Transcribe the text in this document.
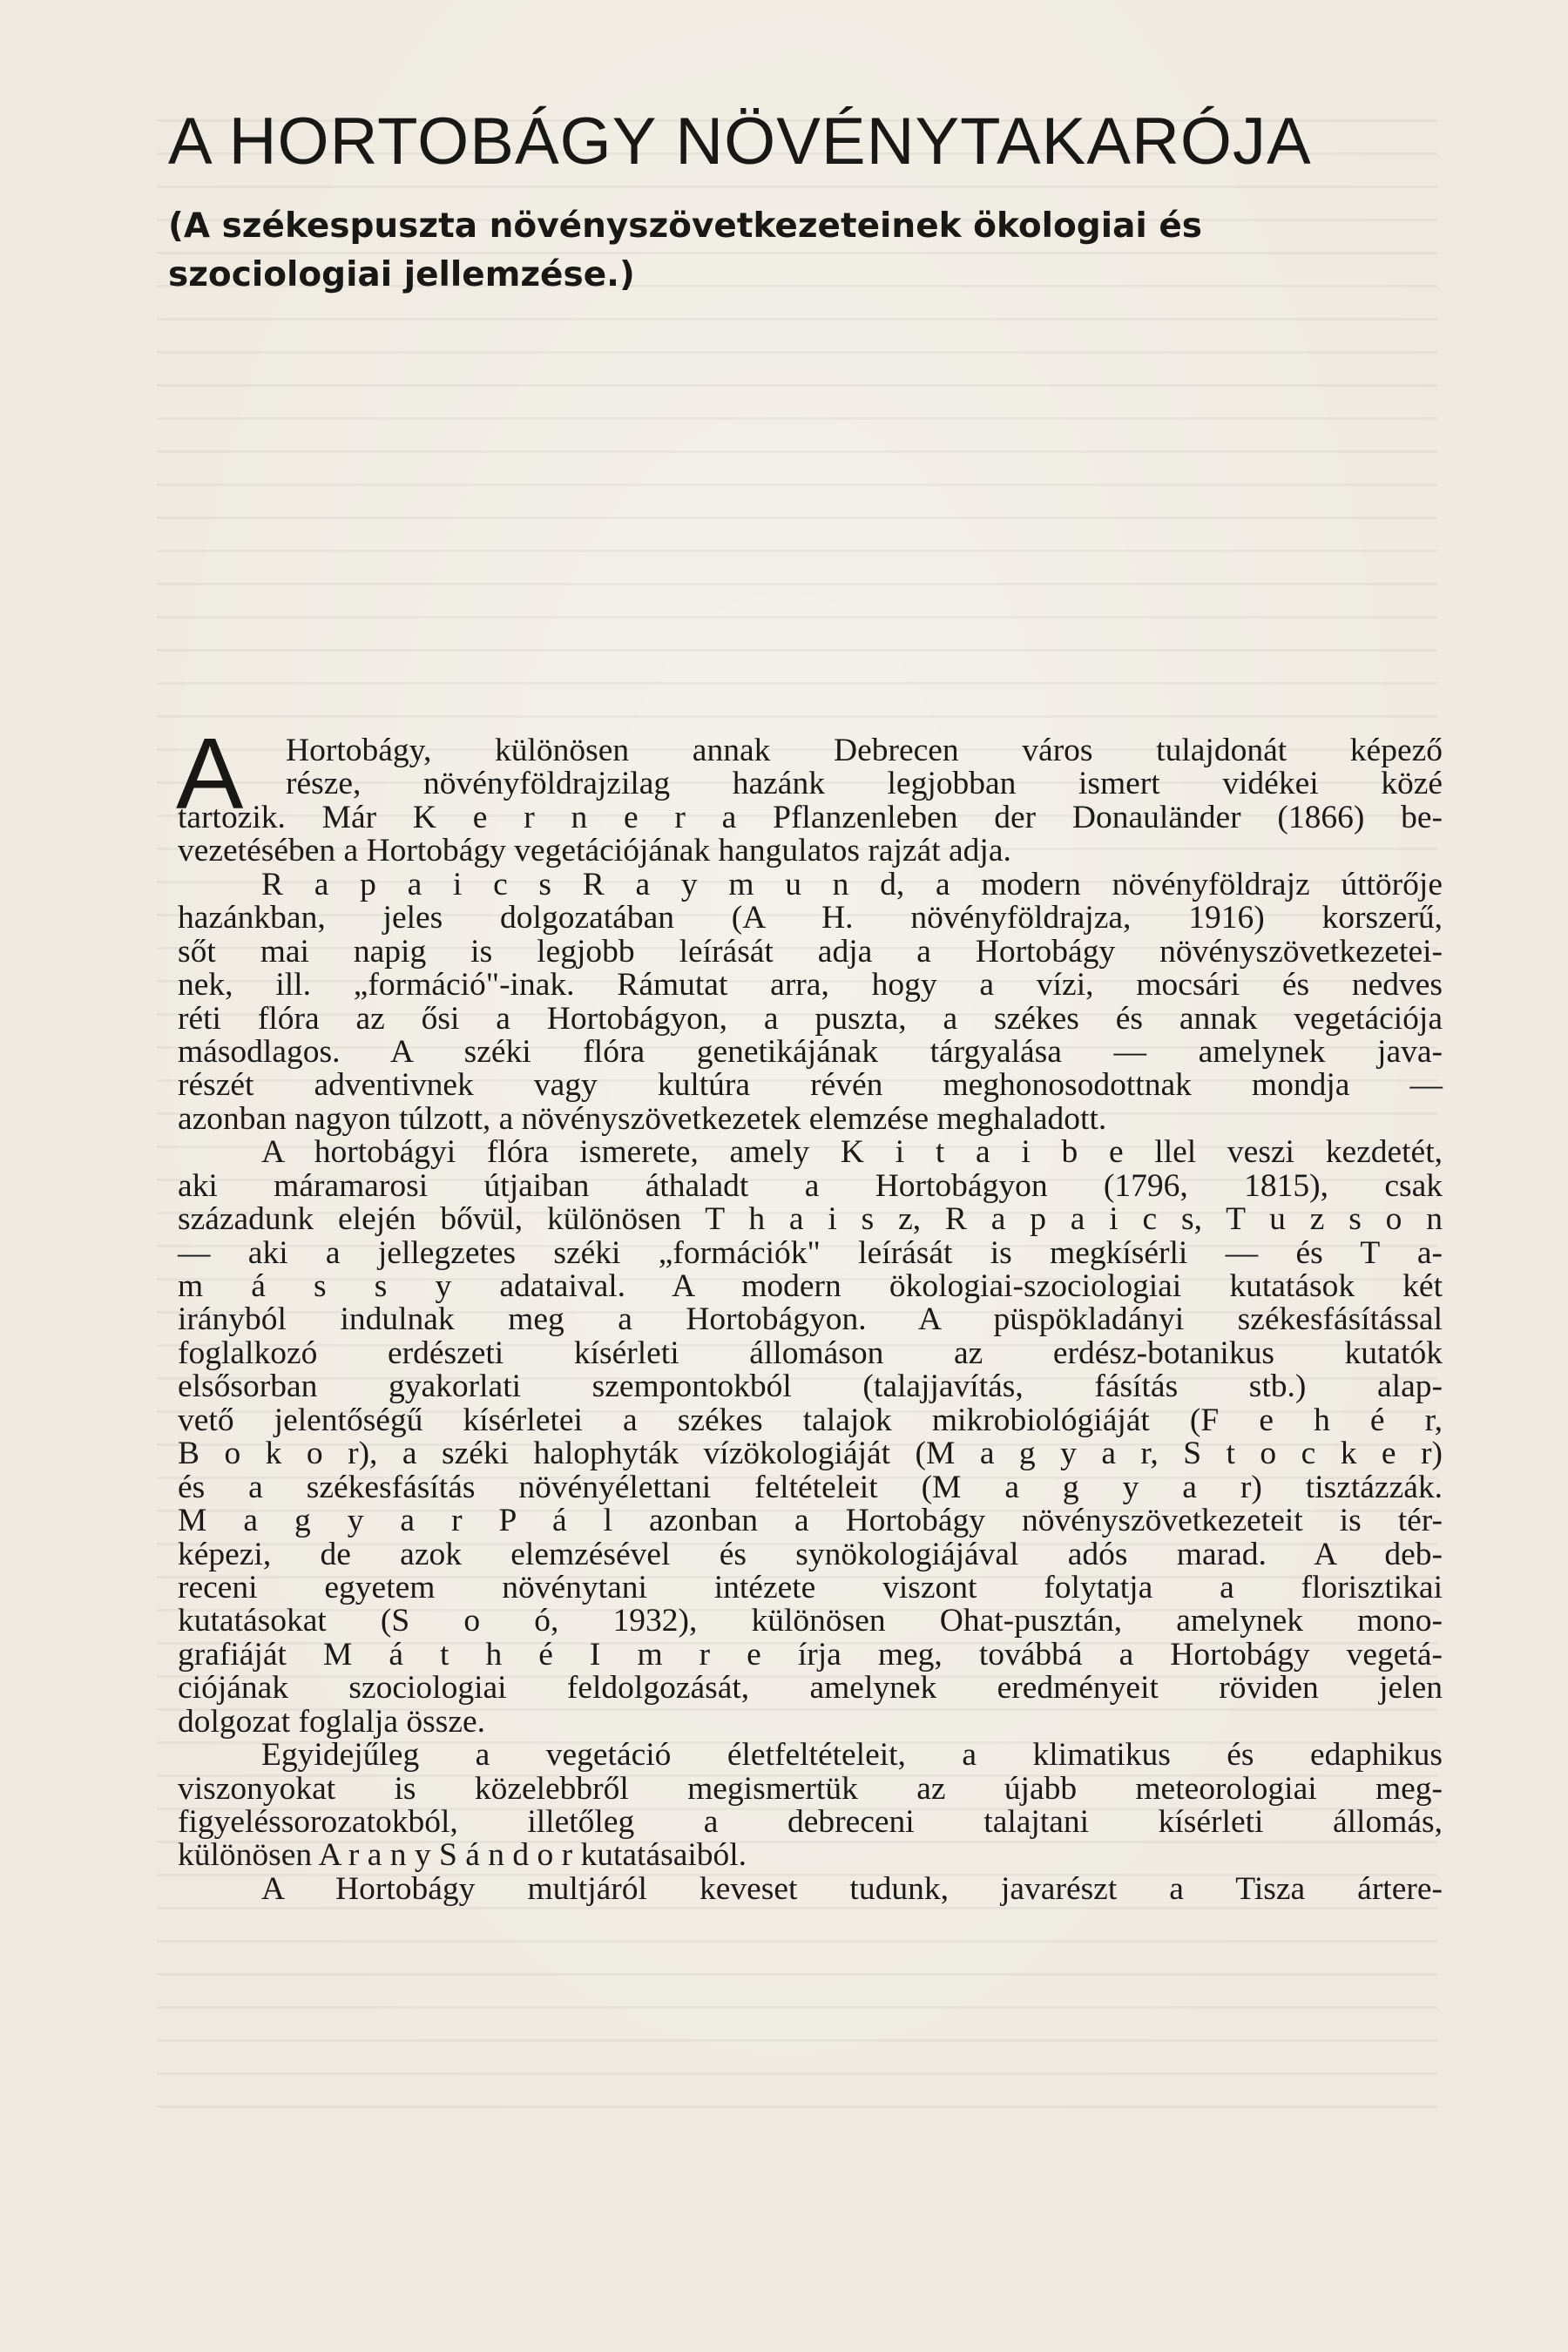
A HORTOBÁGY NÖVÉNYTAKARÓJA
(A székespuszta növényszövetkezeteinek ökologiai és
szociologiai jellemzése.)
A	Hortobágy, különösen annak Debrecen város tulajdonát képező
része, növényföldrajzilag hazánk legjobban ismert vidékei közé
tartozik. Már K e r n e r a Pflanzenleben der Donauländer (1866) be-
vezetésében a Hortobágy vegetációjának hangulatos rajzát adja.
R a p a i c s R a y m u n d, a modern növényföldrajz úttörője
hazánkban, jeles dolgozatában (A H. növényföldrajza, 1916) korszerű,
sőt mai napig is legjobb leírását adja a Hortobágy növényszövetkezetei-
nek, ill. „formáció"-inak. Rámutat arra, hogy a vízi, mocsári és nedves
réti flóra az ősi a Hortobágyon, a puszta, a székes és annak vegetációja
másodlagos. A széki flóra genetikájának tárgyalása — amelynek java-
részét adventivnek vagy kultúra révén meghonosodottnak mondja —
azonban nagyon túlzott, a növényszövetkezetek elemzése meghaladott.
A hortobágyi flóra ismerete, amely K i t a i b e llel veszi kezdetét,
aki máramarosi útjaiban áthaladt a Hortobágyon (1796, 1815), csak
századunk elején bővül, különösen T h a i s z, R a p a i c s, T u z s o n
— aki a jellegzetes széki „formációk" leírását is megkísérli — és T a-
m á s s y adataival. A modern ökologiai-szociologiai kutatások két
irányból indulnak meg a Hortobágyon. A püspökladányi székesfásítással
foglalkozó erdészeti kísérleti állomáson az erdész-botanikus kutatók
elsősorban gyakorlati szempontokból (talajjavítás, fásítás stb.) alap-
vető jelentőségű kísérletei a székes talajok mikrobiológiáját (F e h é r,
B o k o r), a széki halophyták vízökologiáját (M a g y a r, S t o c k e r)
és a székesfásítás növényélettani feltételeit (M a g y a r) tisztázzák.
M a g y a r P á l azonban a Hortobágy növényszövetkezeteit is tér-
képezi, de azok elemzésével és synökologiájával adós marad. A deb-
receni egyetem növénytani intézete viszont folytatja a florisztikai
kutatásokat (S o ó, 1932), különösen Ohat-pusztán, amelynek mono-
grafiáját M á t h é I m r e írja meg, továbbá a Hortobágy vegetá-
ciójának szociologiai feldolgozását, amelynek eredményeit röviden jelen
dolgozat foglalja össze.
Egyidejűleg a vegetáció életfeltételeit, a klimatikus és edaphikus
viszonyokat is közelebbről megismertük az újabb meteorologiai meg-
figyeléssorozatokból, illetőleg a debreceni talajtani kísérleti állomás,
különösen A r a n y S á n d o r kutatásaiból.
A Hortobágy multjáról keveset tudunk, javarészt a Tisza ártere-
